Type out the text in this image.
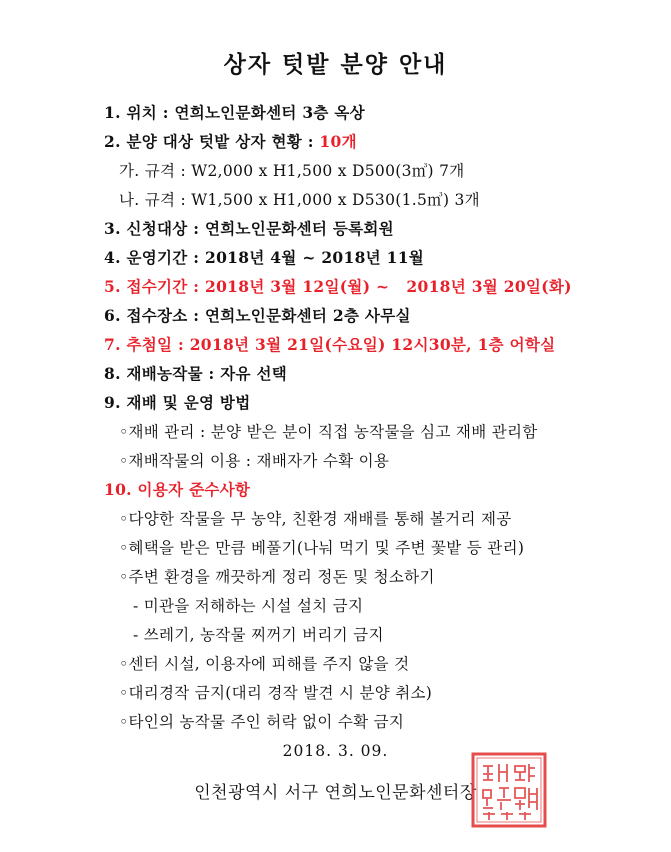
상자 텃밭 분양 안내
1. 위치 : 연희노인문화센터 3층 옥상
2. 분양 대상 텃밭 상자 현황 : 10개
가. 규격 : W2,000 x H1,500 x D500(3㎥) 7개
나. 규격 : W1,500 x H1,000 x D530(1.5㎥) 3개
3. 신청대상 : 연희노인문화센터 등록회원
4. 운영기간 : 2018년 4월 ~ 2018년 11월
5. 접수기간 : 2018년 3월 12일(월) ~   2018년 3월 20일(화)
6. 접수장소 : 연희노인문화센터 2층 사무실
7. 추첨일 : 2018년 3월 21일(수요일) 12시30분, 1층 어학실
8. 재배농작물 : 자유 선택
9. 재배 및 운영 방법
◦재배 관리 : 분양 받은 분이 직접 농작물을 심고 재배 관리함
◦재배작물의 이용 : 재배자가 수확 이용
10. 이용자 준수사항
◦다양한 작물을 무 농약, 친환경 재배를 통해 볼거리 제공
◦혜택을 받은 만큼 베풀기(나눠 먹기 및 주변 꽃밭 등 관리)
◦주변 환경을 깨끗하게 정리 정돈 및 청소하기
- 미관을 저해하는 시설 설치 금지
- 쓰레기, 농작물 찌꺼기 버리기 금지
◦센터 시설, 이용자에 피해를 주지 않을 것
◦대리경작 금지(대리 경작 발견 시 분양 취소)
◦타인의 농작물 주인 허락 없이 수확 금지
2018. 3. 09.
인천광역시 서구 연희노인문화센터장
